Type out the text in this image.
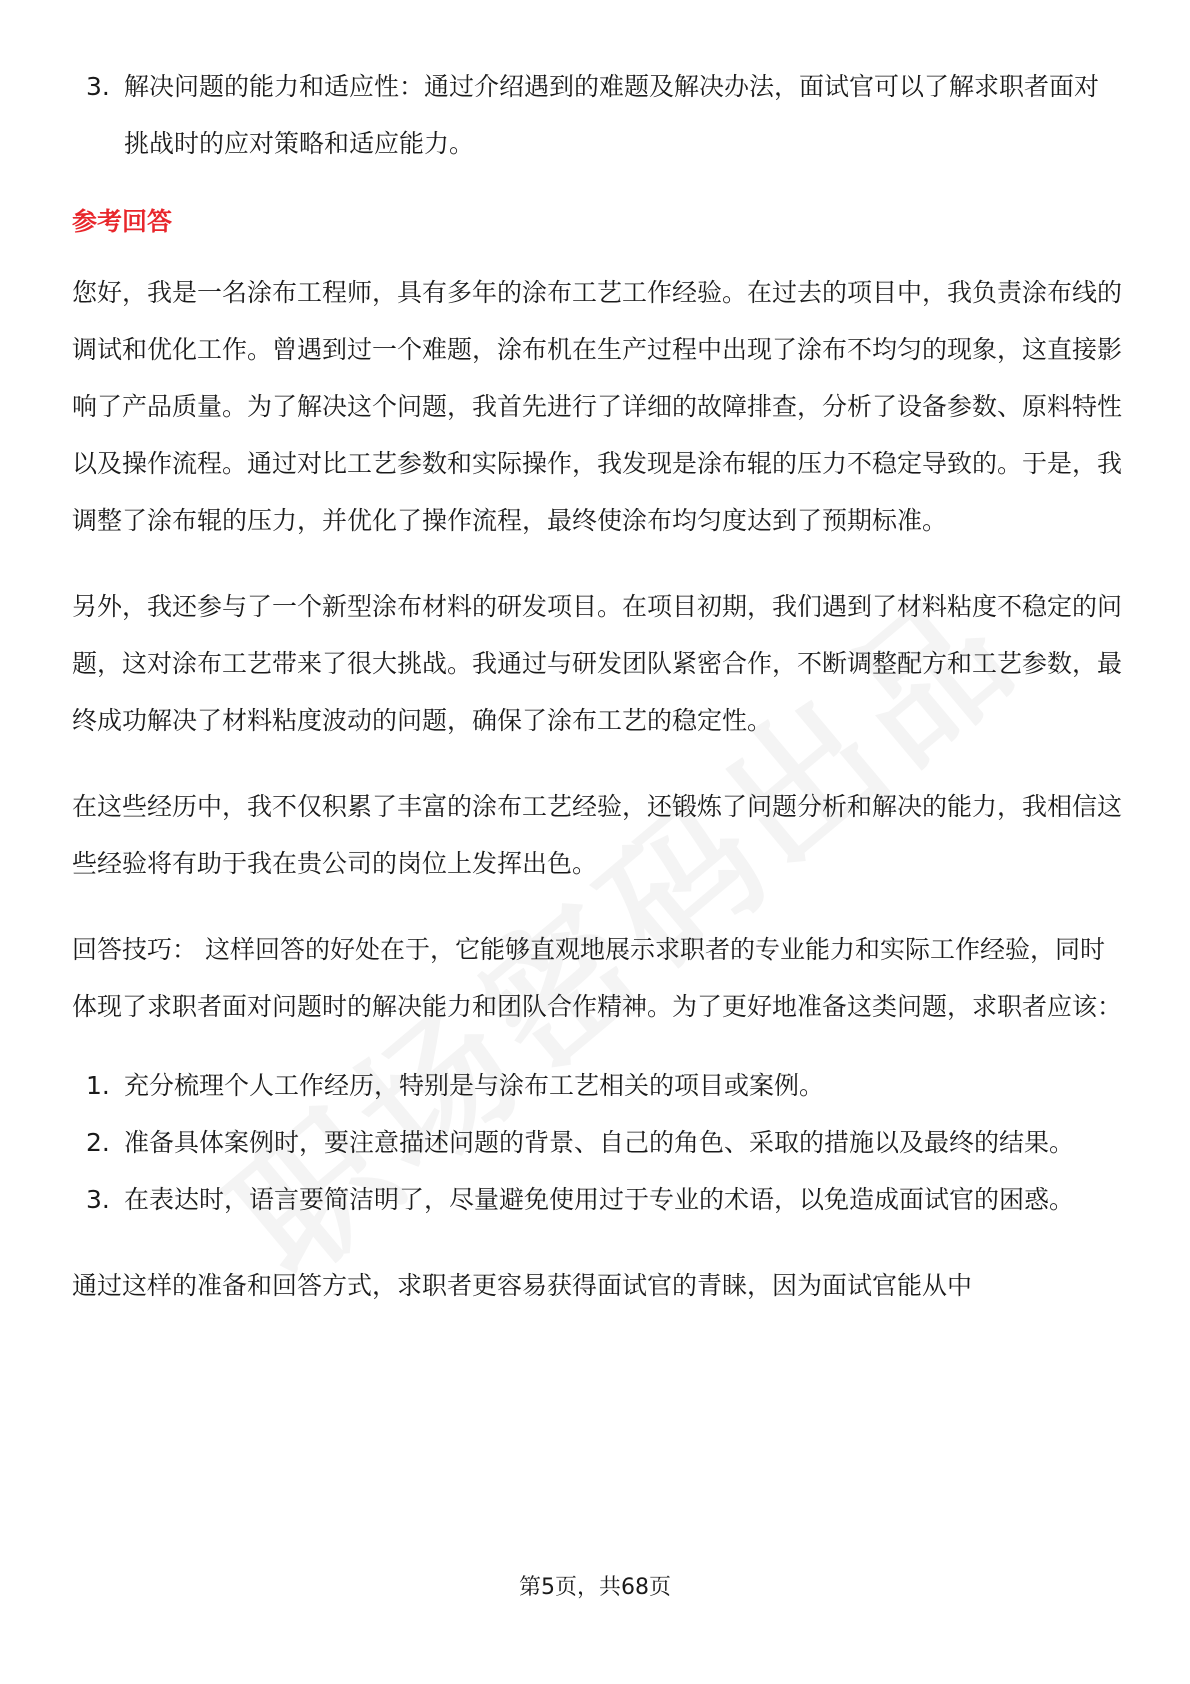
3. 解决问题的能力和适应性：通过介绍遇到的难题及解决办法，面试官可以了解求职者面对挑战时的应对策略和适应能力。
参考回答

您好，我是一名涂布工程师，具有多年的涂布工艺工作经验。在过去的项目中，我负责涂布线的调试和优化工作。曾遇到过一个难题，涂布机在生产过程中出现了涂布不均匀的现象，这直接影响了产品质量。为了解决这个问题，我首先进行了详细的故障排查，分析了设备参数、原料特性以及操作流程。通过对比工艺参数和实际操作，我发现是涂布辊的压力不稳定导致的。于是，我调整了涂布辊的压力，并优化了操作流程，最终使涂布均匀度达到了预期标准。

另外，我还参与了一个新型涂布材料的研发项目。在项目初期，我们遇到了材料粘度不稳定的问题，这对涂布工艺带来了很大挑战。我通过与研发团队紧密合作，不断调整配方和工艺参数，最终成功解决了材料粘度波动的问题，确保了涂布工艺的稳定性。

在这些经历中，我不仅积累了丰富的涂布工艺经验，还锻炼了问题分析和解决的能力，我相信这些经验将有助于我在贵公司的岗位上发挥出色。

回答技巧： 这样回答的好处在于，它能够直观地展示求职者的专业能力和实际工作经验，同时体现了求职者面对问题时的解决能力和团队合作精神。为了更好地准备这类问题，求职者应该：

1. 充分梳理个人工作经历，特别是与涂布工艺相关的项目或案例。
2. 准备具体案例时，要注意描述问题的背景、自己的角色、采取的措施以及最终的结果。
3. 在表达时，语言要简洁明了，尽量避免使用过于专业的术语，以免造成面试官的困惑。

通过这样的准备和回答方式，求职者更容易获得面试官的青睐，因为面试官能从中

第5页，共68页
